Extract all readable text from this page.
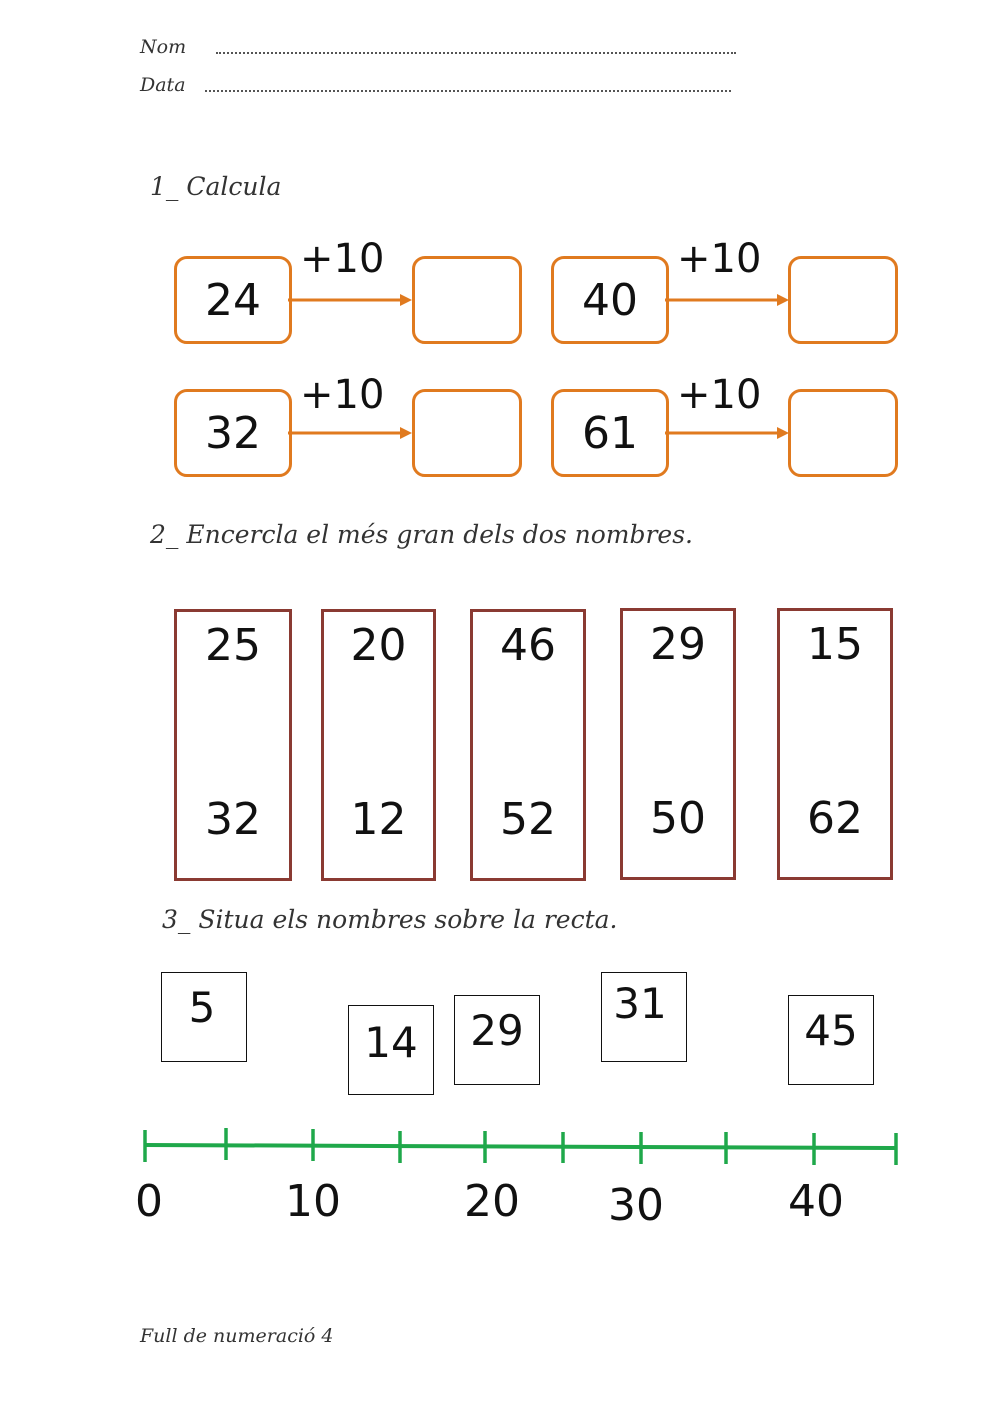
Nom
Data
1_ Calcula
24
+10
40
+10
32
+10
61
+10
2_ Encercla el més gran dels dos nombres.
25
32
20
12
46
52
29
50
15
62
3_ Situa els nombres sobre la recta.
5
14	29
31
45
0	10	20 30	40
Full de numeració 4
